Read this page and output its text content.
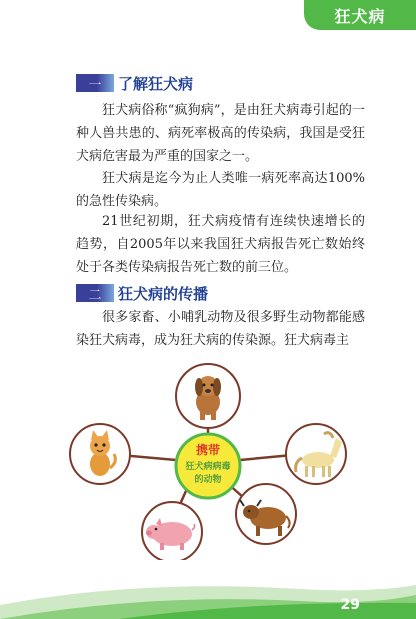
狂犬病
一	了解狂犬病

狂犬病俗称“疯狗病”，是由狂犬病毒引起的一种人兽共患的、病死率极高的传染病，我国是受狂犬病危害最为严重的国家之一。

狂犬病是迄今为止人类唯一病死率高达100%的急性传染病。

21世纪初期，狂犬病疫情有连续快速增长的趋势，自2005年以来我国狂犬病报告死亡数始终处于各类传染病报告死亡数的前三位。

二	狂犬病的传播

很多家畜、小哺乳动物及很多野生动物都能感染狂犬病毒，成为狂犬病的传染源。狂犬病毒主

携带
狂犬病病毒
的动物
29
